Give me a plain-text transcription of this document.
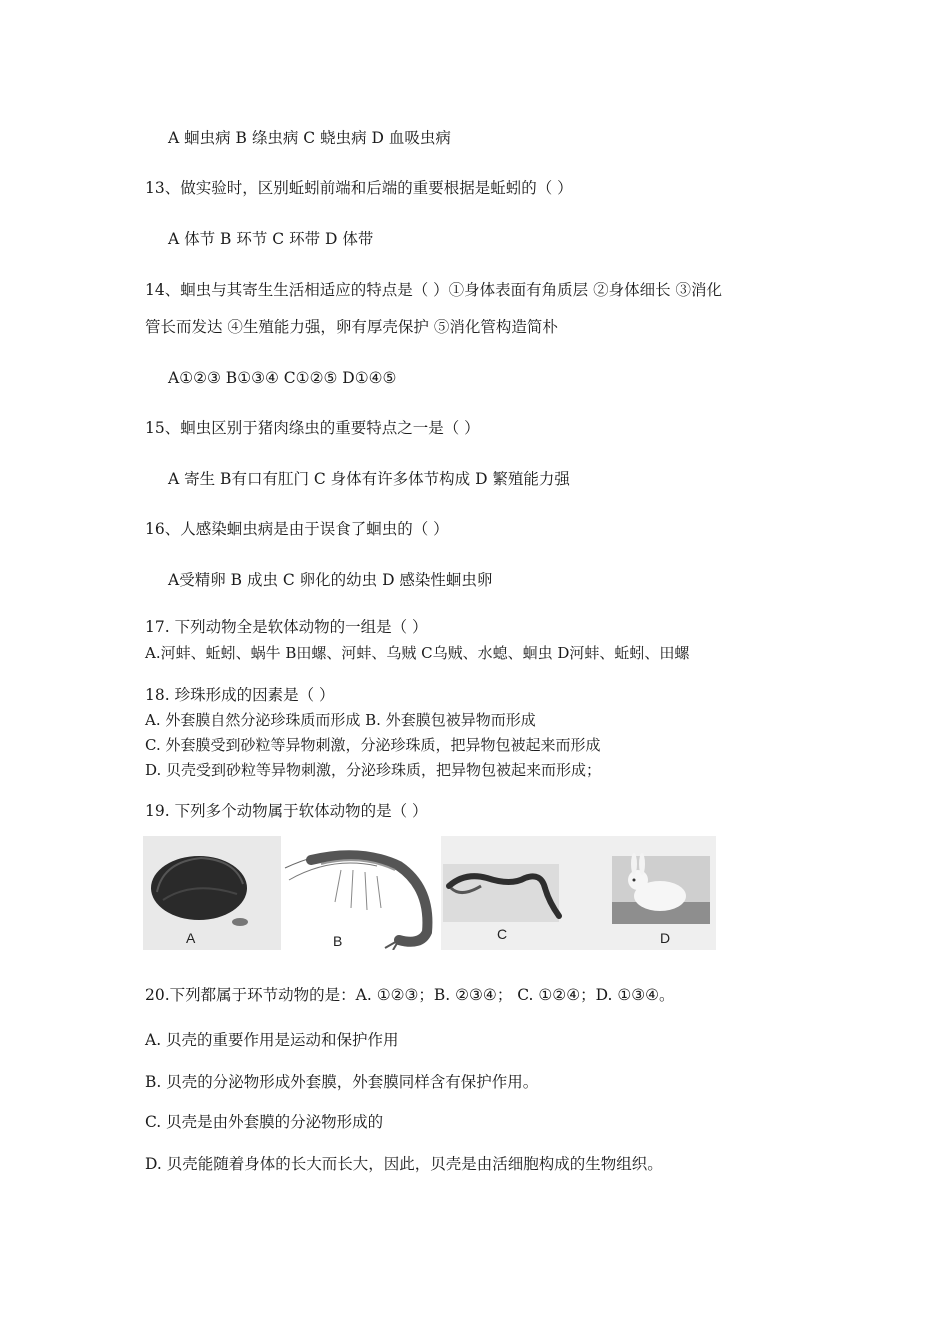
A 蛔虫病 B 绦虫病 C 蛲虫病 D 血吸虫病
13、做实验时，区别蚯蚓前端和后端的重要根据是蚯蚓的（ ）
A 体节 B 环节 C 环带 D 体带
14、蛔虫与其寄生生活相适应的特点是（ ）①身体表面有角质层 ②身体细长 ③消化
管长而发达 ④生殖能力强，卵有厚壳保护 ⑤消化管构造简朴
A①②③ B①③④ C①②⑤ D①④⑤
15、蛔虫区别于猪肉绦虫的重要特点之一是（ ）
A 寄生 B有口有肛门 C 身体有许多体节构成 D 繁殖能力强
16、人感染蛔虫病是由于误食了蛔虫的（ ）
A受精卵 B 成虫 C 卵化的幼虫 D 感染性蛔虫卵
17. 下列动物全是软体动物的一组是（ ）
A.河蚌、蚯蚓、蜗牛 B田螺、河蚌、乌贼 C乌贼、水螅、蛔虫 D河蚌、蚯蚓、田螺
18. 珍珠形成的因素是（ ）
A. 外套膜自然分泌珍珠质而形成 B. 外套膜包被异物而形成
C. 外套膜受到砂粒等异物刺激，分泌珍珠质，把异物包被起来而形成
D. 贝壳受到砂粒等异物刺激，分泌珍珠质，把异物包被起来而形成；
19. 下列多个动物属于软体动物的是（ ）
A	B	C	D
20.下列都属于环节动物的是：A. ①②③；B. ②③④； C. ①②④；D. ①③④。
A. 贝壳的重要作用是运动和保护作用
B. 贝壳的分泌物形成外套膜，外套膜同样含有保护作用。
C. 贝壳是由外套膜的分泌物形成的
D. 贝壳能随着身体的长大而长大，因此，贝壳是由活细胞构成的生物组织。
